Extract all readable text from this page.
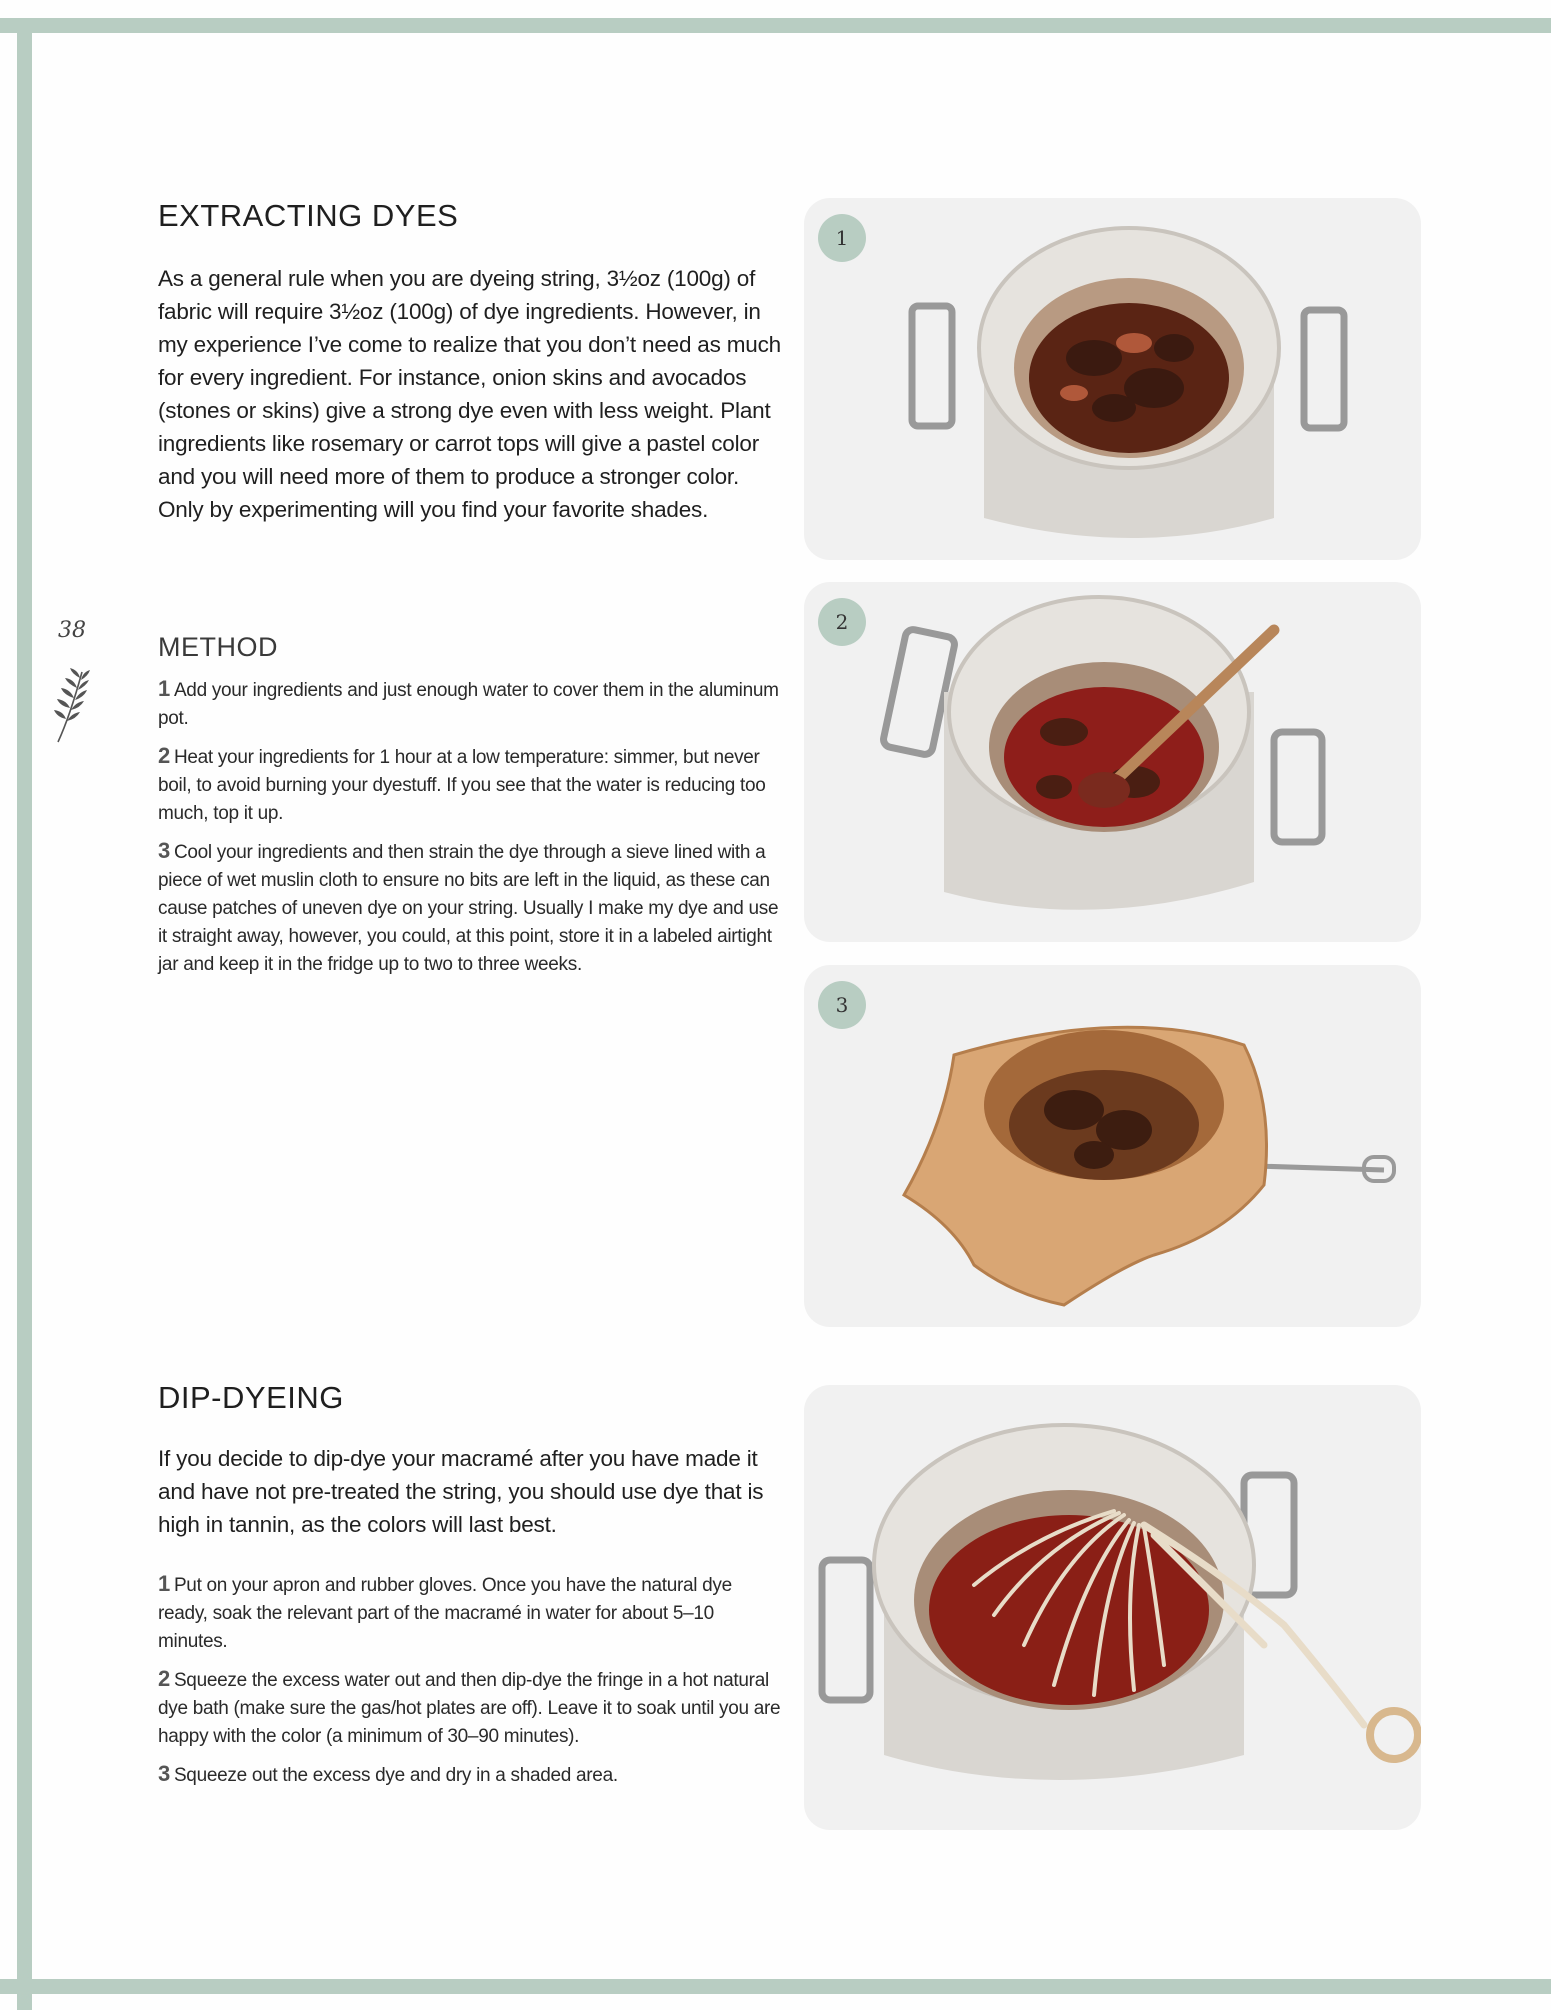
38
EXTRACTING DYES

As a general rule when you are dyeing string, 3½oz (100g) of fabric will require 3½oz (100g) of dye ingredients. However, in my experience I’ve come to realize that you don’t need as much for every ingredient. For instance, onion skins and avocados (stones or skins) give a strong dye even with less weight. Plant ingredients like rosemary or carrot tops will give a pastel color and you will need more of them to produce a stronger color. Only by experimenting will you find your favorite shades.

METHOD

1 Add your ingredients and just enough water to cover them in the aluminum pot.

2 Heat your ingredients for 1 hour at a low temperature: simmer, but never boil, to avoid burning your dyestuff. If you see that the water is reducing too much, top it up.

3 Cool your ingredients and then strain the dye through a sieve lined with a piece of wet muslin cloth to ensure no bits are left in the liquid, as these can cause patches of uneven dye on your string. Usually I make my dye and use it straight away, however, you could, at this point, store it in a labeled airtight jar and keep it in the fridge up to two to three weeks.

DIP-DYEING

If you decide to dip-dye your macramé after you have made it and have not pre-treated the string, you should use dye that is high in tannin, as the colors will last best.

1 Put on your apron and rubber gloves. Once you have the natural dye ready, soak the relevant part of the macramé in water for about 5–10 minutes.

2 Squeeze the excess water out and then dip-dye the fringe in a hot natural dye bath (make sure the gas/hot plates are off). Leave it to soak until you are happy with the color (a minimum of 30–90 minutes).

3 Squeeze out the excess dye and dry in a shaded area.

1
2
3
